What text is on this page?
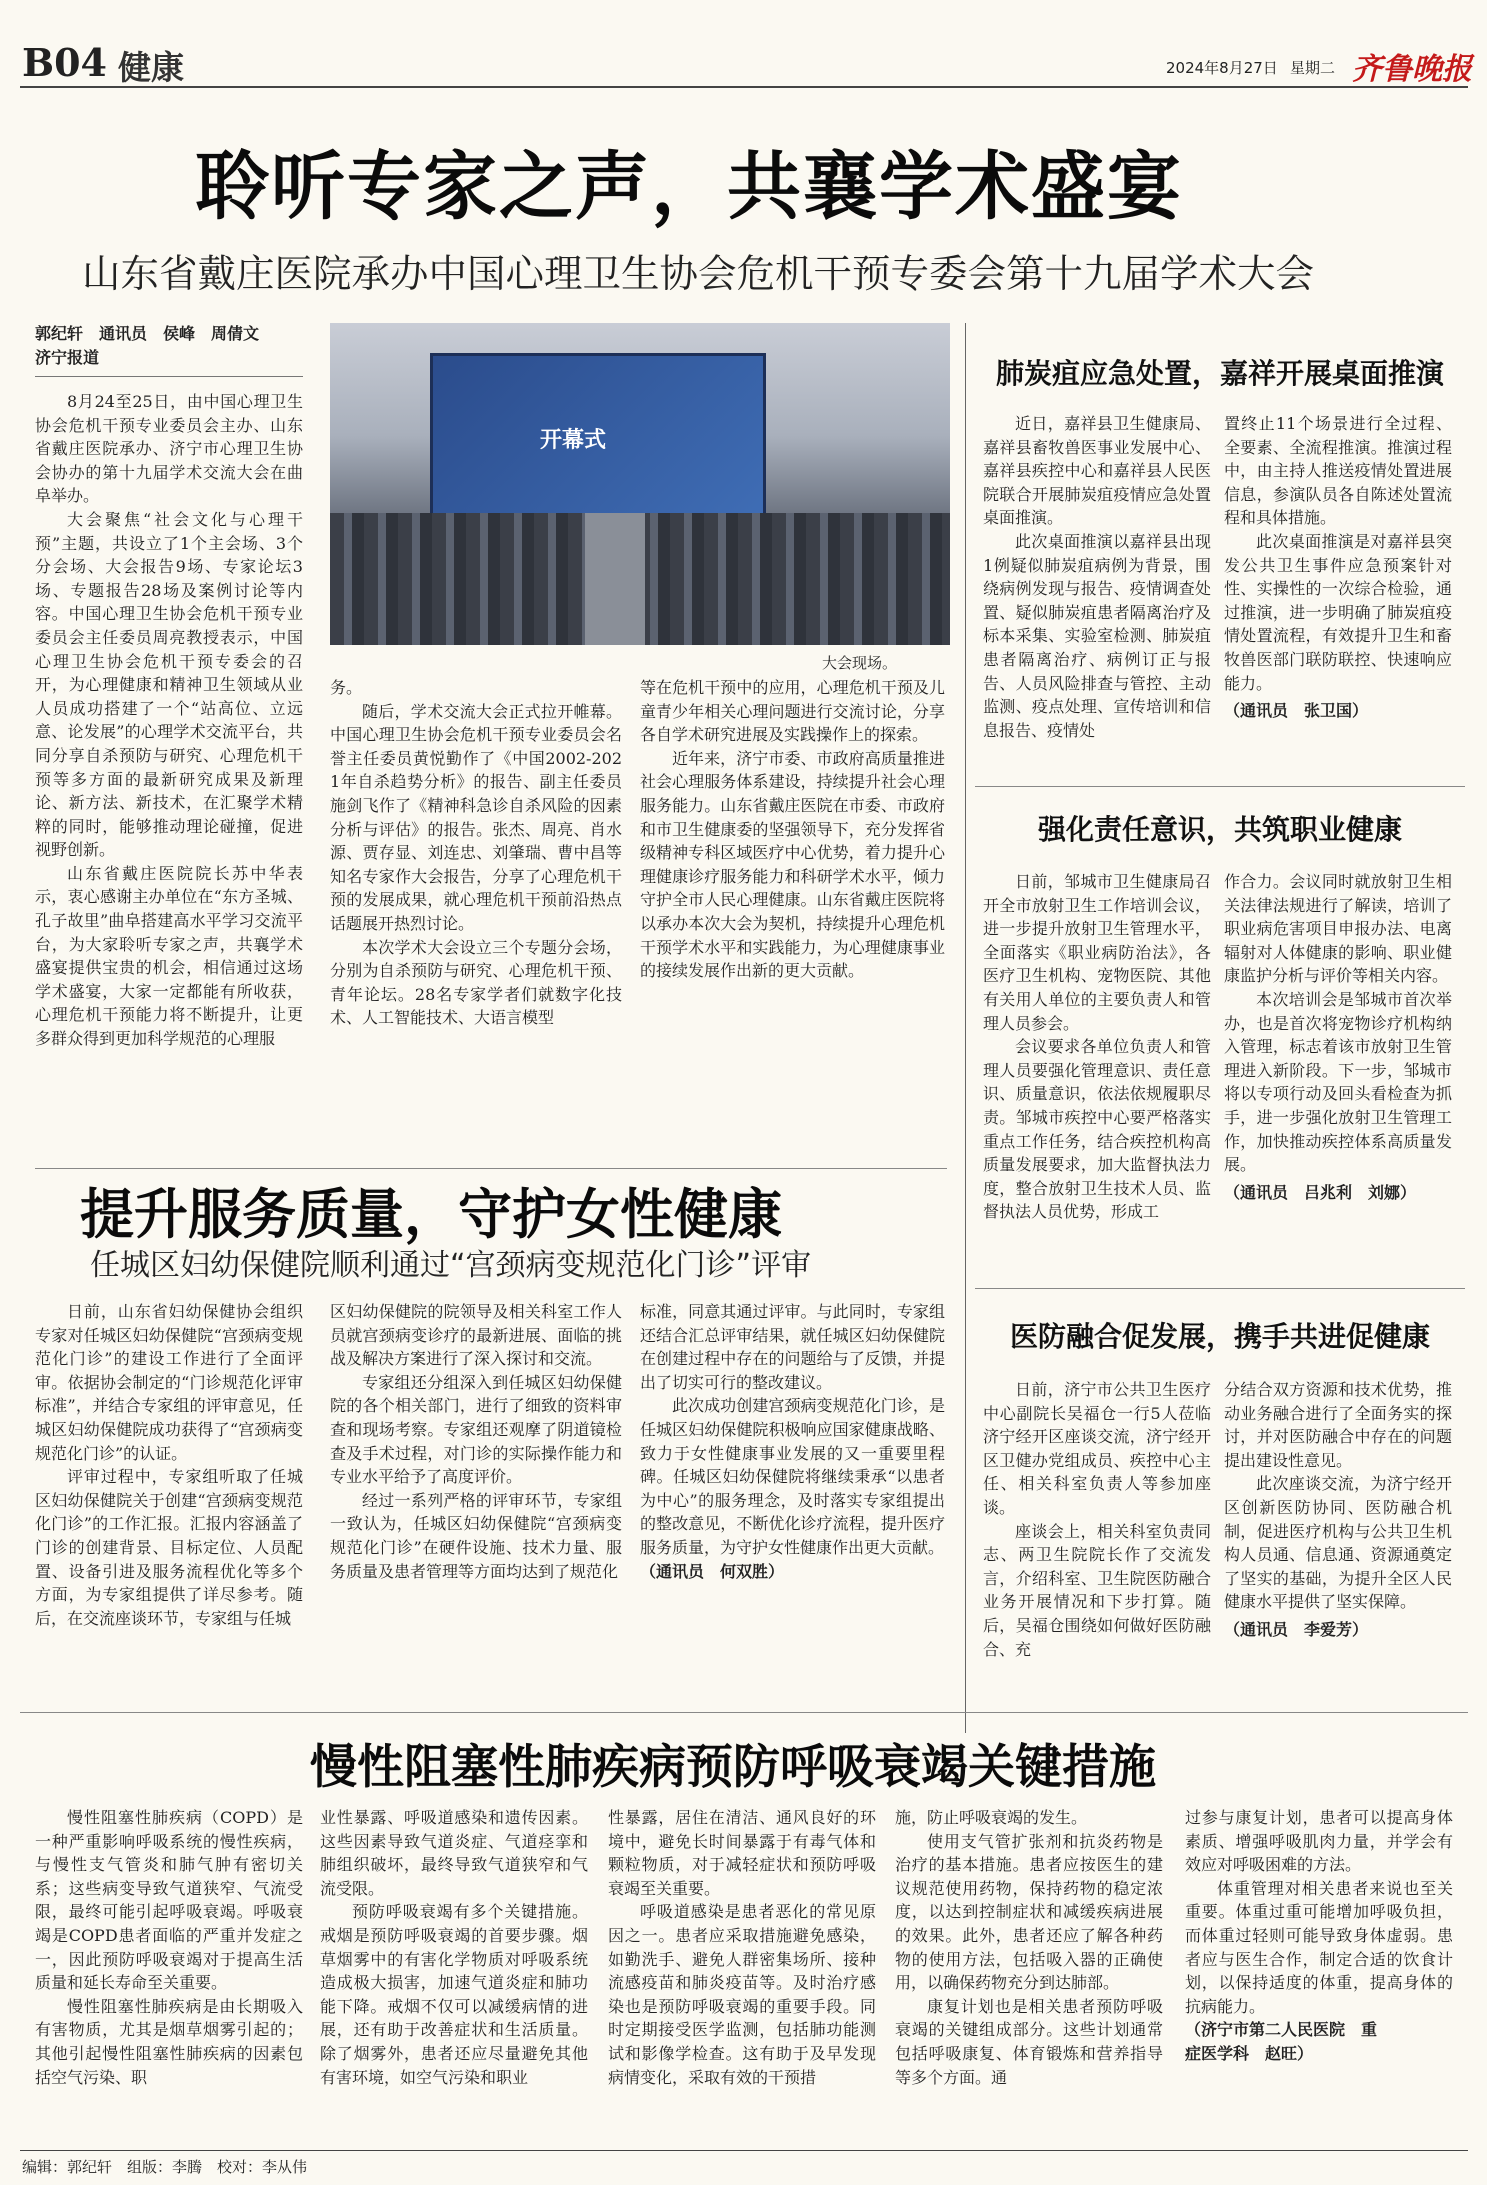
B04 健康	2024年8月27日 星期二 齐鲁晚报
聆听专家之声，共襄学术盛宴
山东省戴庄医院承办中国心理卫生协会危机干预专委会第十九届学术大会
郭纪轩　通讯员　侯峰　周倩文
济宁报道
开幕式
大会现场。

8月24至25日，由中国心理卫生协会危机干预专业委员会主办、山东省戴庄医院承办、济宁市心理卫生协会协办的第十九届学术交流大会在曲阜举办。

大会聚焦“社会文化与心理干预”主题，共设立了1个主会场、3个分会场、大会报告9场、专家论坛3场、专题报告28场及案例讨论等内容。中国心理卫生协会危机干预专业委员会主任委员周亮教授表示，中国心理卫生协会危机干预专委会的召开，为心理健康和精神卫生领域从业人员成功搭建了一个“站高位、立远意、论发展”的心理学术交流平台，共同分享自杀预防与研究、心理危机干预等多方面的最新研究成果及新理论、新方法、新技术，在汇聚学术精粹的同时，能够推动理论碰撞，促进视野创新。

山东省戴庄医院院长苏中华表示，衷心感谢主办单位在“东方圣城、孔子故里”曲阜搭建高水平学习交流平台，为大家聆听专家之声，共襄学术盛宴提供宝贵的机会，相信通过这场学术盛宴，大家一定都能有所收获，心理危机干预能力将不断提升，让更多群众得到更加科学规范的心理服

务。

随后，学术交流大会正式拉开帷幕。中国心理卫生协会危机干预专业委员会名誉主任委员黄悦勤作了《中国2002-2021年自杀趋势分析》的报告、副主任委员施剑飞作了《精神科急诊自杀风险的因素分析与评估》的报告。张杰、周亮、肖水源、贾存显、刘连忠、刘肇瑞、曹中昌等知名专家作大会报告，分享了心理危机干预的发展成果，就心理危机干预前沿热点话题展开热烈讨论。

本次学术大会设立三个专题分会场，分别为自杀预防与研究、心理危机干预、青年论坛。28名专家学者们就数字化技术、人工智能技术、大语言模型

等在危机干预中的应用，心理危机干预及儿童青少年相关心理问题进行交流讨论，分享各自学术研究进展及实践操作上的探索。

近年来，济宁市委、市政府高质量推进社会心理服务体系建设，持续提升社会心理服务能力。山东省戴庄医院在市委、市政府和市卫生健康委的坚强领导下，充分发挥省级精神专科区域医疗中心优势，着力提升心理健康诊疗服务能力和科研学术水平，倾力守护全市人民心理健康。山东省戴庄医院将以承办本次大会为契机，持续提升心理危机干预学术水平和实践能力，为心理健康事业的接续发展作出新的更大贡献。

肺炭疽应急处置，嘉祥开展桌面推演

近日，嘉祥县卫生健康局、嘉祥县畜牧兽医事业发展中心、嘉祥县疾控中心和嘉祥县人民医院联合开展肺炭疽疫情应急处置桌面推演。

此次桌面推演以嘉祥县出现1例疑似肺炭疽病例为背景，围绕病例发现与报告、疫情调查处置、疑似肺炭疽患者隔离治疗及标本采集、实验室检测、肺炭疽患者隔离治疗、病例订正与报告、人员风险排查与管控、主动监测、疫点处理、宣传培训和信息报告、疫情处

置终止11个场景进行全过程、全要素、全流程推演。推演过程中，由主持人推送疫情处置进展信息，参演队员各自陈述处置流程和具体措施。

此次桌面推演是对嘉祥县突发公共卫生事件应急预案针对性、实操性的一次综合检验，通过推演，进一步明确了肺炭疽疫情处置流程，有效提升卫生和畜牧兽医部门联防联控、快速响应能力。

（通讯员　张卫国）

强化责任意识，共筑职业健康

日前，邹城市卫生健康局召开全市放射卫生工作培训会议，进一步提升放射卫生管理水平，全面落实《职业病防治法》，各医疗卫生机构、宠物医院、其他有关用人单位的主要负责人和管理人员参会。

会议要求各单位负责人和管理人员要强化管理意识、责任意识、质量意识，依法依规履职尽责。邹城市疾控中心要严格落实重点工作任务，结合疾控机构高质量发展要求，加大监督执法力度，整合放射卫生技术人员、监督执法人员优势，形成工

作合力。会议同时就放射卫生相关法律法规进行了解读，培训了职业病危害项目申报办法、电离辐射对人体健康的影响、职业健康监护分析与评价等相关内容。

本次培训会是邹城市首次举办，也是首次将宠物诊疗机构纳入管理，标志着该市放射卫生管理进入新阶段。下一步，邹城市将以专项行动及回头看检查为抓手，进一步强化放射卫生管理工作，加快推动疾控体系高质量发展。

（通讯员　吕兆利　刘娜）

医防融合促发展，携手共进促健康

日前，济宁市公共卫生医疗中心副院长吴福仓一行5人莅临济宁经开区座谈交流，济宁经开区卫健办党组成员、疾控中心主任、相关科室负责人等参加座谈。

座谈会上，相关科室负责同志、两卫生院院长作了交流发言，介绍科室、卫生院医防融合业务开展情况和下步打算。随后，吴福仓围绕如何做好医防融合、充

分结合双方资源和技术优势，推动业务融合进行了全面务实的探讨，并对医防融合中存在的问题提出建设性意见。

此次座谈交流，为济宁经开区创新医防协同、医防融合机制，促进医疗机构与公共卫生机构人员通、信息通、资源通奠定了坚实的基础，为提升全区人民健康水平提供了坚实保障。

（通讯员　李爱芳）

提升服务质量，守护女性健康
任城区妇幼保健院顺利通过“宫颈病变规范化门诊”评审

日前，山东省妇幼保健协会组织专家对任城区妇幼保健院“宫颈病变规范化门诊”的建设工作进行了全面评审。依据协会制定的“门诊规范化评审标准”，并结合专家组的评审意见，任城区妇幼保健院成功获得了“宫颈病变规范化门诊”的认证。

评审过程中，专家组听取了任城区妇幼保健院关于创建“宫颈病变规范化门诊”的工作汇报。汇报内容涵盖了门诊的创建背景、目标定位、人员配置、设备引进及服务流程优化等多个方面，为专家组提供了详尽参考。随后，在交流座谈环节，专家组与任城

区妇幼保健院的院领导及相关科室工作人员就宫颈病变诊疗的最新进展、面临的挑战及解决方案进行了深入探讨和交流。

专家组还分组深入到任城区妇幼保健院的各个相关部门，进行了细致的资料审查和现场考察。专家组还观摩了阴道镜检查及手术过程，对门诊的实际操作能力和专业水平给予了高度评价。

经过一系列严格的评审环节，专家组一致认为，任城区妇幼保健院“宫颈病变规范化门诊”在硬件设施、技术力量、服务质量及患者管理等方面均达到了规范化

标准，同意其通过评审。与此同时，专家组还结合汇总评审结果，就任城区妇幼保健院在创建过程中存在的问题给与了反馈，并提出了切实可行的整改建议。

此次成功创建宫颈病变规范化门诊，是任城区妇幼保健院积极响应国家健康战略、致力于女性健康事业发展的又一重要里程碑。任城区妇幼保健院将继续秉承“以患者为中心”的服务理念，及时落实专家组提出的整改意见，不断优化诊疗流程，提升医疗服务质量，为守护女性健康作出更大贡献。

（通讯员　何双胜）

慢性阻塞性肺疾病预防呼吸衰竭关键措施

慢性阻塞性肺疾病（COPD）是一种严重影响呼吸系统的慢性疾病，与慢性支气管炎和肺气肿有密切关系；这些病变导致气道狭窄、气流受限，最终可能引起呼吸衰竭。呼吸衰竭是COPD患者面临的严重并发症之一，因此预防呼吸衰竭对于提高生活质量和延长寿命至关重要。

慢性阻塞性肺疾病是由长期吸入有害物质，尤其是烟草烟雾引起的；其他引起慢性阻塞性肺疾病的因素包括空气污染、职

业性暴露、呼吸道感染和遗传因素。这些因素导致气道炎症、气道痉挛和肺组织破坏，最终导致气道狭窄和气流受限。

预防呼吸衰竭有多个关键措施。戒烟是预防呼吸衰竭的首要步骤。烟草烟雾中的有害化学物质对呼吸系统造成极大损害，加速气道炎症和肺功能下降。戒烟不仅可以减缓病情的进展，还有助于改善症状和生活质量。除了烟雾外，患者还应尽量避免其他有害环境，如空气污染和职业

性暴露，居住在清洁、通风良好的环境中，避免长时间暴露于有毒气体和颗粒物质，对于减轻症状和预防呼吸衰竭至关重要。

呼吸道感染是患者恶化的常见原因之一。患者应采取措施避免感染，如勤洗手、避免人群密集场所、接种流感疫苗和肺炎疫苗等。及时治疗感染也是预防呼吸衰竭的重要手段。同时定期接受医学监测，包括肺功能测试和影像学检查。这有助于及早发现病情变化，采取有效的干预措

施，防止呼吸衰竭的发生。

使用支气管扩张剂和抗炎药物是治疗的基本措施。患者应按医生的建议规范使用药物，保持药物的稳定浓度，以达到控制症状和减缓疾病进展的效果。此外，患者还应了解各种药物的使用方法，包括吸入器的正确使用，以确保药物充分到达肺部。

康复计划也是相关患者预防呼吸衰竭的关键组成部分。这些计划通常包括呼吸康复、体育锻炼和营养指导等多个方面。通

过参与康复计划，患者可以提高身体素质、增强呼吸肌肉力量，并学会有效应对呼吸困难的方法。

体重管理对相关患者来说也至关重要。体重过重可能增加呼吸负担，而体重过轻则可能导致身体虚弱。患者应与医生合作，制定合适的饮食计划，以保持适度的体重，提高身体的抗病能力。

（济宁市第二人民医院　重

症医学科　赵旺）

编辑：郭纪轩　组版：李腾　校对：李从伟
